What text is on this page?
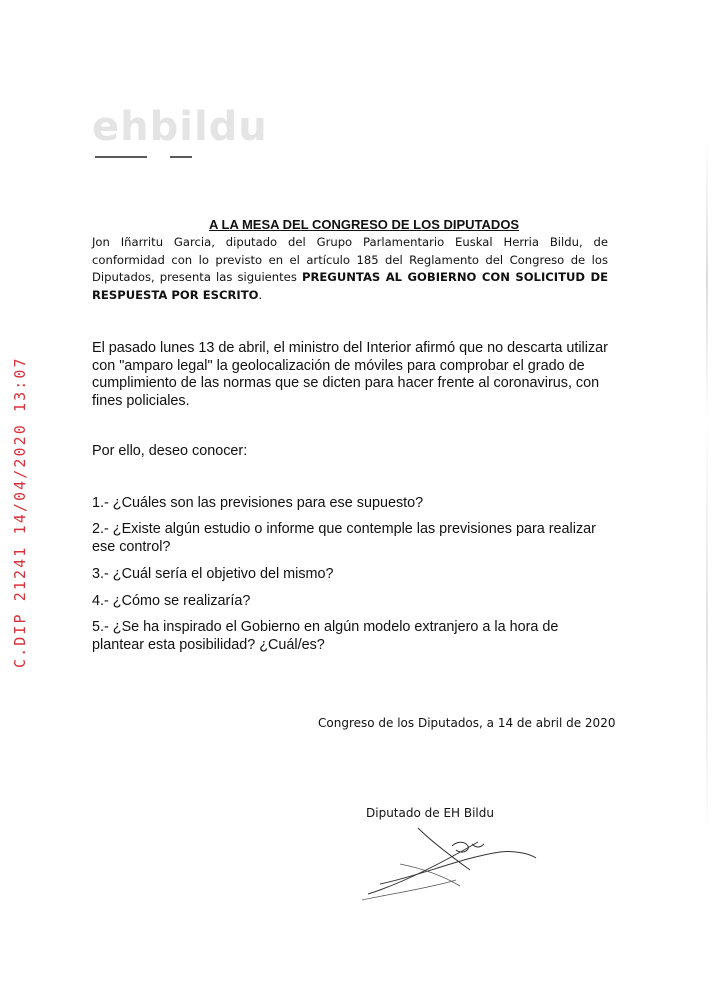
ehbildu
C.DIP 21241 14/04/2020 13:07
A LA MESA DEL CONGRESO DE LOS DIPUTADOS
Jon Iñarritu Garcia, diputado del Grupo Parlamentario Euskal Herria Bildu, de conformidad con lo previsto en el artículo 185 del Reglamento del Congreso de los Diputados, presenta las siguientes PREGUNTAS AL GOBIERNO CON SOLICITUD DE RESPUESTA POR ESCRITO.
El pasado lunes 13 de abril, el ministro del Interior afirmó que no descarta utilizar con "amparo legal" la geolocalización de móviles para comprobar el grado de cumplimiento de las normas que se dicten para hacer frente al coronavirus, con fines policiales.
Por ello, deseo conocer:
1.- ¿Cuáles son las previsiones para ese supuesto?
2.- ¿Existe algún estudio o informe que contemple las previsiones para realizar ese control?
3.- ¿Cuál sería el objetivo del mismo?
4.- ¿Cómo se realizaría?
5.- ¿Se ha inspirado el Gobierno en algún modelo extranjero a la hora de plantear esta posibilidad? ¿Cuál/es?
Congreso de los Diputados, a 14 de abril de 2020
Diputado de EH Bildu
